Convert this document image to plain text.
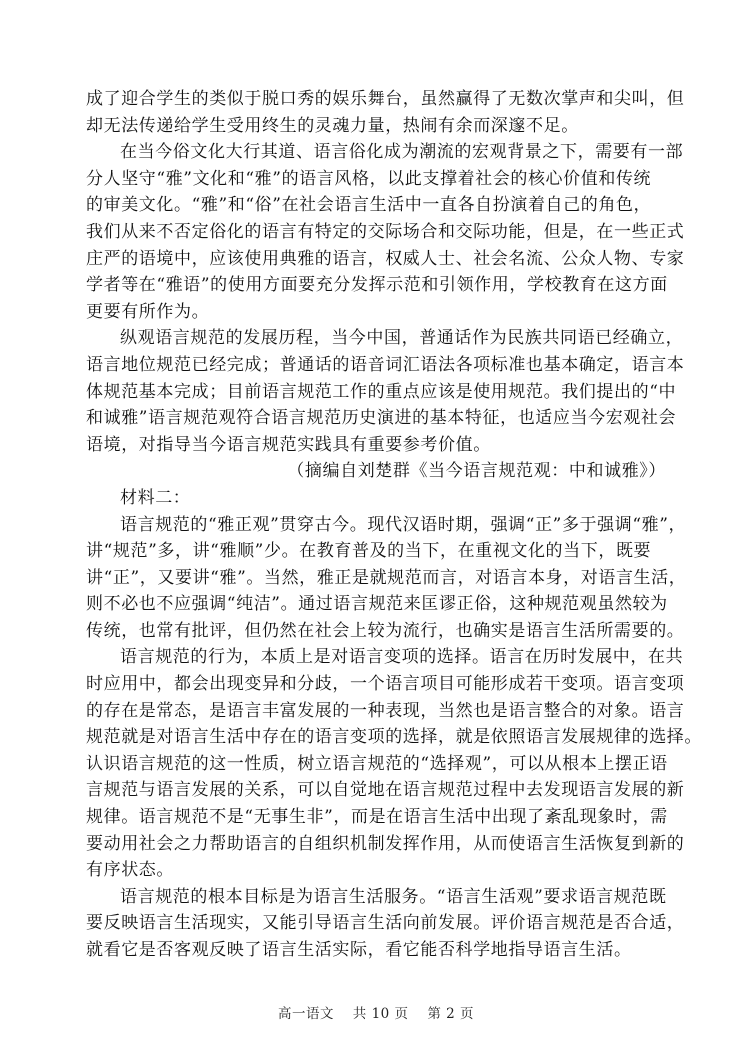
成了迎合学生的类似于脱口秀的娱乐舞台，虽然赢得了无数次掌声和尖叫，但
却无法传递给学生受用终生的灵魂力量，热闹有余而深邃不足。
在当今俗文化大行其道、语言俗化成为潮流的宏观背景之下，需要有一部
分人坚守“雅”文化和“雅”的语言风格，以此支撑着社会的核心价值和传统
的审美文化。“雅”和“俗”在社会语言生活中一直各自扮演着自己的角色，
我们从来不否定俗化的语言有特定的交际场合和交际功能，但是，在一些正式
庄严的语境中，应该使用典雅的语言，权威人士、社会名流、公众人物、专家
学者等在“雅语”的使用方面要充分发挥示范和引领作用，学校教育在这方面
更要有所作为。
纵观语言规范的发展历程，当今中国，普通话作为民族共同语已经确立，
语言地位规范已经完成；普通话的语音词汇语法各项标准也基本确定，语言本
体规范基本完成；目前语言规范工作的重点应该是使用规范。我们提出的“中
和诚雅”语言规范观符合语言规范历史演进的基本特征，也适应当今宏观社会
语境，对指导当今语言规范实践具有重要参考价值。
（摘编自刘楚群《当今语言规范观：中和诚雅》）
材料二：
语言规范的“雅正观”贯穿古今。现代汉语时期，强调“正”多于强调“雅”，
讲“规范”多，讲“雅顺”少。在教育普及的当下，在重视文化的当下，既要
讲“正”，又要讲“雅”。当然，雅正是就规范而言，对语言本身，对语言生活，
则不必也不应强调“纯洁”。通过语言规范来匡谬正俗，这种规范观虽然较为
传统，也常有批评，但仍然在社会上较为流行，也确实是语言生活所需要的。
语言规范的行为，本质上是对语言变项的选择。语言在历时发展中，在共
时应用中，都会出现变异和分歧，一个语言项目可能形成若干变项。语言变项
的存在是常态，是语言丰富发展的一种表现，当然也是语言整合的对象。语言
规范就是对语言生活中存在的语言变项的选择，就是依照语言发展规律的选择。
认识语言规范的这一性质，树立语言规范的“选择观”，可以从根本上摆正语
言规范与语言发展的关系，可以自觉地在语言规范过程中去发现语言发展的新
规律。语言规范不是“无事生非”，而是在语言生活中出现了紊乱现象时，需
要动用社会之力帮助语言的自组织机制发挥作用，从而使语言生活恢复到新的
有序状态。
语言规范的根本目标是为语言生活服务。“语言生活观”要求语言规范既
要反映语言生活现实，又能引导语言生活向前发展。评价语言规范是否合适，
就看它是否客观反映了语言生活实际，看它能否科学地指导语言生活。
高一语文 共 10 页 第 2 页
